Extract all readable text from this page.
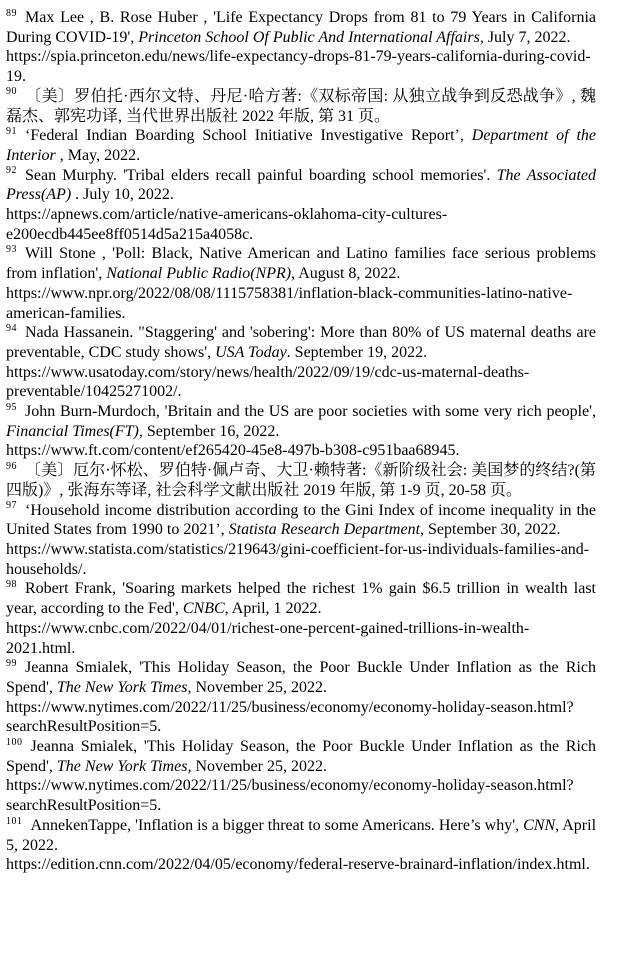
$^{89}$ Max Lee , B. Rose Huber , 'Life Expectancy Drops from 81 to 79 Years in California During COVID-19', Princeton School Of Public And International Affairs, July 7, 2022.
https://spia.princeton.edu/news/life-expectancy-drops-81-79-years-california-during-covid-19.

$^{90}$ 〔美〕罗伯托·西尔文特、丹尼·哈方著:《双标帝国: 从独立战争到反恐战争》, 魏磊杰、郭宪功译, 当代世界出版社 2022 年版, 第 31 页。

$^{91}$ ‘Federal Indian Boarding School Initiative Investigative Report’, Department of the Interior , May, 2022.

$^{92}$ Sean Murphy. 'Tribal elders recall painful boarding school memories'. The Associated Press(AP) . July 10, 2022.
https://apnews.com/article/native-americans-oklahoma-city-cultures-e200ecdb445ee8ff0514d5a215a4058c.

$^{93}$ Will Stone , 'Poll: Black, Native American and Latino families face serious problems from inflation', National Public Radio(NPR), August 8, 2022.
https://www.npr.org/2022/08/08/1115758381/inflation-black-communities-latino-native-american-families.

$^{94}$ Nada Hassanein. "Staggering' and 'sobering': More than 80% of US maternal deaths are preventable, CDC study shows', USA Today. September 19, 2022.
https://www.usatoday.com/story/news/health/2022/09/19/cdc-us-maternal-deaths-preventable/10425271002/.

$^{95}$ John Burn-Murdoch, 'Britain and the US are poor societies with some very rich people', Financial Times(FT), September 16, 2022.
https://www.ft.com/content/ef265420-45e8-497b-b308-c951baa68945.

$^{96}$ 〔美〕厄尔·怀松、罗伯特·佩卢奇、大卫·赖特著:《新阶级社会: 美国梦的终结?(第四版)》, 张海东等译, 社会科学文献出版社 2019 年版, 第 1-9 页, 20-58 页。

$^{97}$ ‘Household income distribution according to the Gini Index of income inequality in the United States from 1990 to 2021’, Statista Research Department, September 30, 2022.
https://www.statista.com/statistics/219643/gini-coefficient-for-us-individuals-families-and-households/.

$^{98}$ Robert Frank, 'Soaring markets helped the richest 1% gain $6.5 trillion in wealth last year, according to the Fed', CNBC, April, 1 2022.
https://www.cnbc.com/2022/04/01/richest-one-percent-gained-trillions-in-wealth-2021.html.

$^{99}$ Jeanna Smialek, 'This Holiday Season, the Poor Buckle Under Inflation as the Rich Spend', The New York Times, November 25, 2022.
https://www.nytimes.com/2022/11/25/business/economy/economy-holiday-season.html?searchResultPosition=5.

$^{100}$ Jeanna Smialek, 'This Holiday Season, the Poor Buckle Under Inflation as the Rich Spend', The New York Times, November 25, 2022.
https://www.nytimes.com/2022/11/25/business/economy/economy-holiday-season.html?searchResultPosition=5.

$^{101}$ AnnekenTappe, 'Inflation is a bigger threat to some Americans. Here’s why', CNN, April 5, 2022.
https://edition.cnn.com/2022/04/05/economy/federal-reserve-brainard-inflation/index.html.
